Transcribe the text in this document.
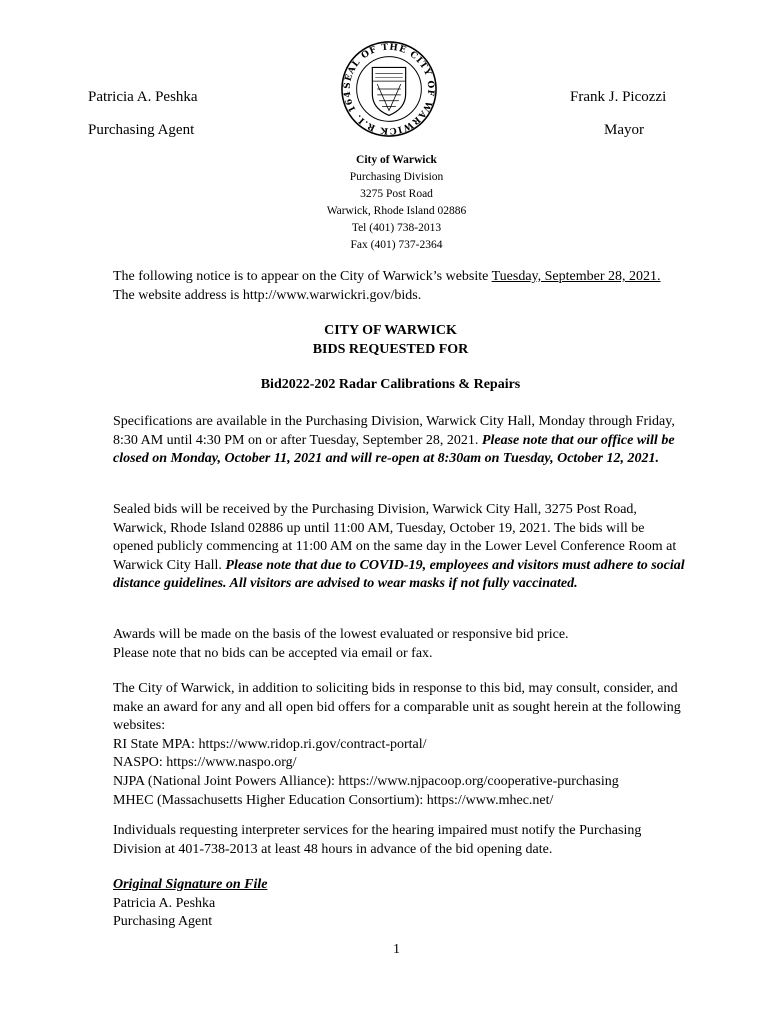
Patricia A. Peshka
Purchasing Agent
Frank J. Picozzi
Mayor
SEAL OF THE CITY OF WARWICK R.I. 164
City of Warwick
Purchasing Division
3275 Post Road
Warwick, Rhode Island 02886
Tel (401) 738-2013
Fax (401) 737-2364

The following notice is to appear on the City of Warwick’s website Tuesday, September 28, 2021. The website address is http://www.warwickri.gov/bids.

CITY OF WARWICK
BIDS REQUESTED FOR
Bid2022-202 Radar Calibrations & Repairs

Specifications are available in the Purchasing Division, Warwick City Hall, Monday through Friday, 8:30 AM until 4:30 PM on or after Tuesday, September 28, 2021. Please note that our office will be closed on Monday, October 11, 2021 and will re-open at 8:30am on Tuesday, October 12, 2021.

Sealed bids will be received by the Purchasing Division, Warwick City Hall, 3275 Post Road, Warwick, Rhode Island 02886 up until 11:00 AM, Tuesday, October 19, 2021. The bids will be opened publicly commencing at 11:00 AM on the same day in the Lower Level Conference Room at Warwick City Hall. Please note that due to COVID-19, employees and visitors must adhere to social distance guidelines. All visitors are advised to wear masks if not fully vaccinated.

Awards will be made on the basis of the lowest evaluated or responsive bid price.

Please note that no bids can be accepted via email or fax.

The City of Warwick, in addition to soliciting bids in response to this bid, may consult, consider, and make an award for any and all open bid offers for a comparable unit as sought herein at the following websites:

RI State MPA: https://www.ridop.ri.gov/contract-portal/

NASPO: https://www.naspo.org/

NJPA (National Joint Powers Alliance): https://www.njpacoop.org/cooperative-purchasing

MHEC (Massachusetts Higher Education Consortium): https://www.mhec.net/

Individuals requesting interpreter services for the hearing impaired must notify the Purchasing Division at 401-738-2013 at least 48 hours in advance of the bid opening date.

Original Signature on File

Patricia A. Peshka

Purchasing Agent

1
